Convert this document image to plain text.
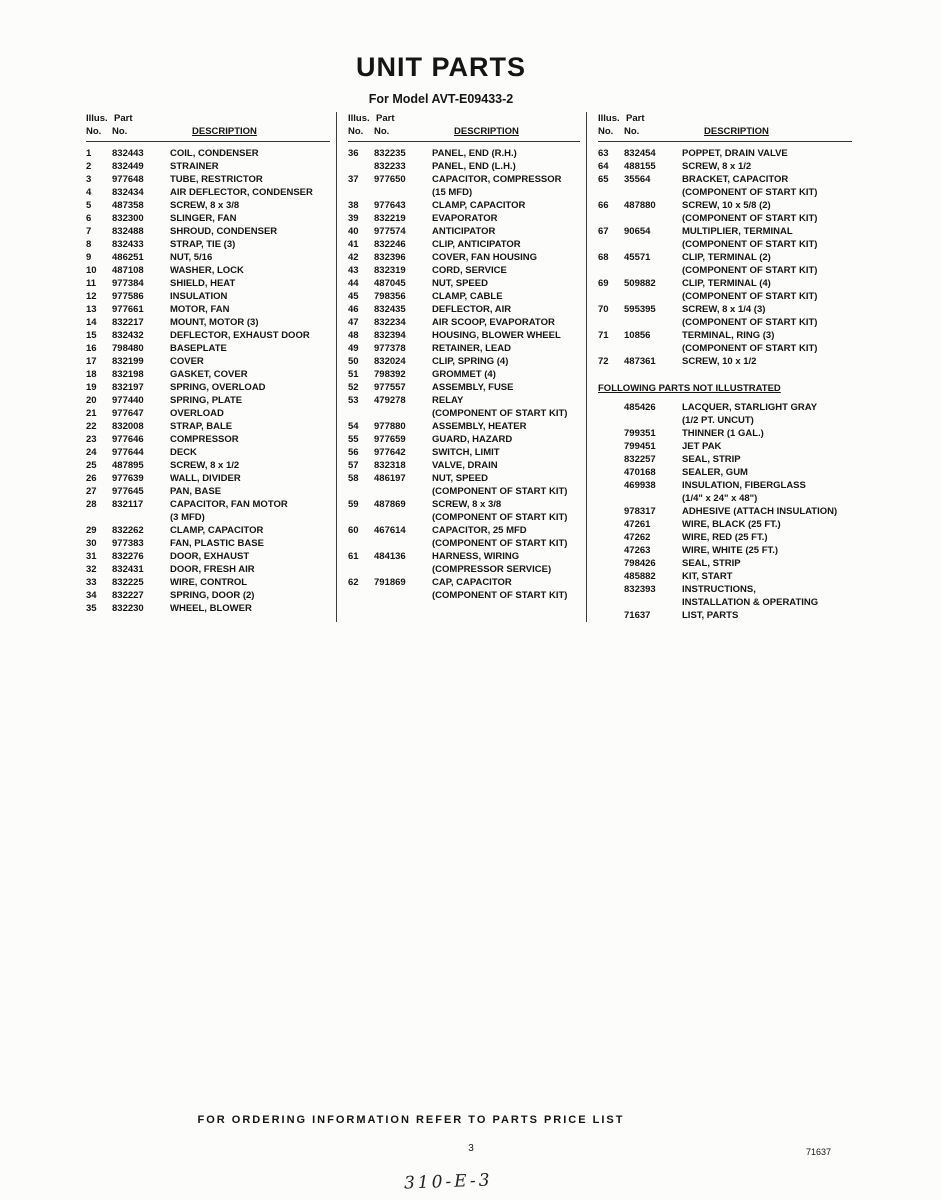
UNIT PARTS
For Model AVT-E09433-2
Illus. Part
No.	No.	DESCRIPTION
1	832443	COIL, CONDENSER
2	832449	STRAINER
3	977648	TUBE, RESTRICTOR
4	832434	AIR DEFLECTOR, CONDENSER
5	487358	SCREW, 8 x 3/8
6	832300	SLINGER, FAN
7	832488	SHROUD, CONDENSER
8	832433	STRAP, TIE (3)
9	486251	NUT, 5/16
10	487108	WASHER, LOCK
11	977384	SHIELD, HEAT
12	977586	INSULATION
13	977661	MOTOR, FAN
14	832217	MOUNT, MOTOR (3)
15	832432	DEFLECTOR, EXHAUST DOOR
16	798480	BASEPLATE
17	832199	COVER
18	832198	GASKET, COVER
19	832197	SPRING, OVERLOAD
20	977440	SPRING, PLATE
21	977647	OVERLOAD
22	832008	STRAP, BALE
23	977646	COMPRESSOR
24	977644	DECK
25	487895	SCREW, 8 x 1/2
26	977639	WALL, DIVIDER
27	977645	PAN, BASE
28	832117	CAPACITOR, FAN MOTOR
(3 MFD)
29	832262	CLAMP, CAPACITOR
30	977383	FAN, PLASTIC BASE
31	832276	DOOR, EXHAUST
32	832431	DOOR, FRESH AIR
33	832225	WIRE, CONTROL
34	832227	SPRING, DOOR (2)
35	832230	WHEEL, BLOWER
Illus. Part
No.	No.	DESCRIPTION
36	832235	PANEL, END (R.H.)
832233	PANEL, END (L.H.)
37	977650	CAPACITOR, COMPRESSOR
(15 MFD)
38	977643	CLAMP, CAPACITOR
39	832219	EVAPORATOR
40	977574	ANTICIPATOR
41	832246	CLIP, ANTICIPATOR
42	832396	COVER, FAN HOUSING
43	832319	CORD, SERVICE
44	487045	NUT, SPEED
45	798356	CLAMP, CABLE
46	832435	DEFLECTOR, AIR
47	832234	AIR SCOOP, EVAPORATOR
48	832394	HOUSING, BLOWER WHEEL
49	977378	RETAINER, LEAD
50	832024	CLIP, SPRING (4)
51	798392	GROMMET (4)
52	977557	ASSEMBLY, FUSE
53	479278	RELAY
(COMPONENT OF START KIT)
54	977880	ASSEMBLY, HEATER
55	977659	GUARD, HAZARD
56	977642	SWITCH, LIMIT
57	832318	VALVE, DRAIN
58	486197	NUT, SPEED
(COMPONENT OF START KIT)
59	487869	SCREW, 8 x 3/8
(COMPONENT OF START KIT)
60	467614	CAPACITOR, 25 MFD
(COMPONENT OF START KIT)
61	484136	HARNESS, WIRING
(COMPRESSOR SERVICE)
62	791869	CAP, CAPACITOR
(COMPONENT OF START KIT)
Illus. Part
No.	No.	DESCRIPTION
63	832454	POPPET, DRAIN VALVE
64	488155	SCREW, 8 x 1/2
65	35564	BRACKET, CAPACITOR
(COMPONENT OF START KIT)
66	487880	SCREW, 10 x 5/8 (2)
(COMPONENT OF START KIT)
67	90654	MULTIPLIER, TERMINAL
(COMPONENT OF START KIT)
68	45571	CLIP, TERMINAL (2)
(COMPONENT OF START KIT)
69	509882	CLIP, TERMINAL (4)
(COMPONENT OF START KIT)
70	595395	SCREW, 8 x 1/4 (3)
(COMPONENT OF START KIT)
71	10856	TERMINAL, RING (3)
(COMPONENT OF START KIT)
72	487361	SCREW, 10 x 1/2
FOLLOWING PARTS NOT ILLUSTRATED
485426	LACQUER, STARLIGHT GRAY
(1/2 PT. UNCUT)
799351	THINNER (1 GAL.)
799451	JET PAK
832257	SEAL, STRIP
470168	SEALER, GUM
469938	INSULATION, FIBERGLASS
(1/4" x 24" x 48")
978317	ADHESIVE (ATTACH INSULATION)
47261	WIRE, BLACK (25 FT.)
47262	WIRE, RED (25 FT.)
47263	WIRE, WHITE (25 FT.)
798426	SEAL, STRIP
485882	KIT, START
832393	INSTRUCTIONS,
INSTALLATION & OPERATING
71637	LIST, PARTS
FOR ORDERING INFORMATION REFER TO PARTS PRICE LIST
3	71637
310-E-3
